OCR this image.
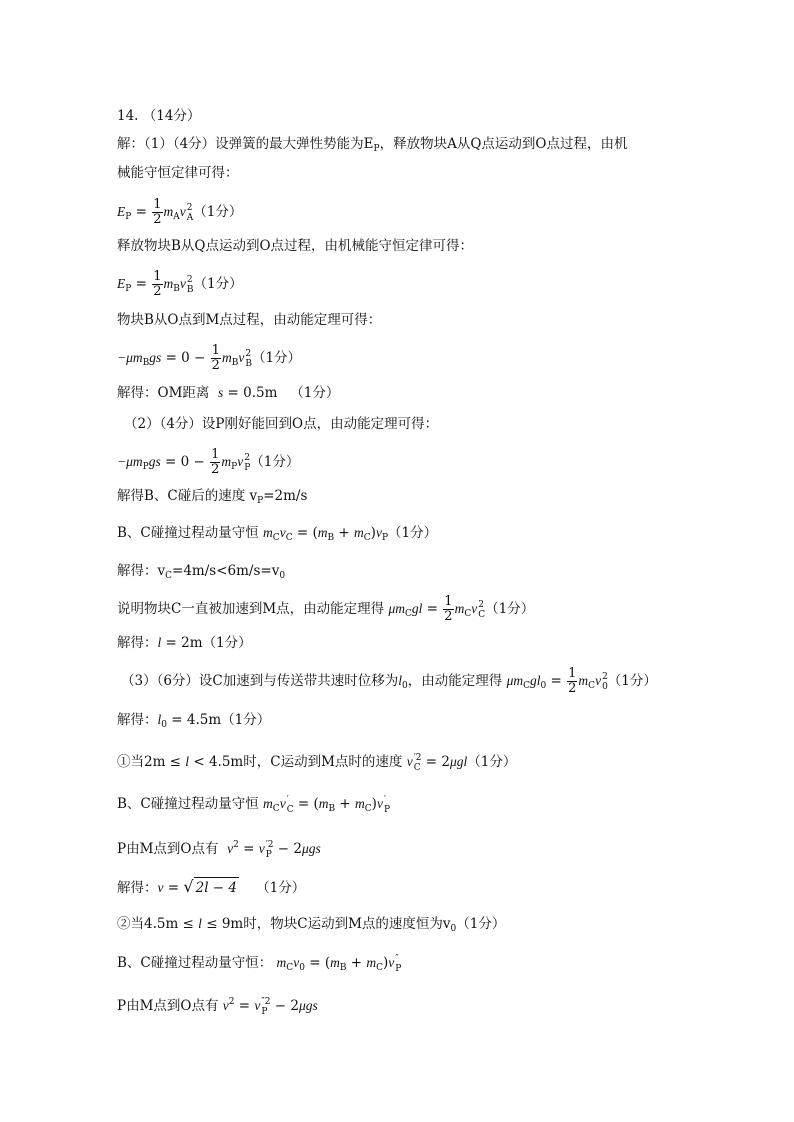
14. （14分）
解：（1）（4分）设弹簧的最大弹性势能为$E_P$，释放物块A从Q点运动到O点过程，由机
械能守恒定律可得：
$E_P = \frac{1}{2} m_Av$ 2
A （1分）
释放物块B从Q点运动到O点过程，由机械能守恒定律可得：
$E_P = \frac{1}{2} m_Bv$ 2
B （1分）
物块B从O点到M点过程，由动能定理可得：
$-\mu m_Bgs = 0 - \frac{1}{2} m_Bv$ 2
B （1分）
解得：OM距离 s = 0.5m   （1分）
（2）（4分）设P刚好能回到O点，由动能定理可得：
$-\mu m_Pgs = 0 - \frac{1}{2} m_Pv$ 2
P （1分）
解得B、C碰后的速度 $v_P=2m/s$
B、C碰撞过程动量守恒 $m_Cv_C = (m_B + m_C)v_P(1$分）
解得：$v_C=4m/s<6m/s=v_0$
说明物块C一直被加速到M点，由动能定理得 $\mu m_Cgl = \frac{1}{2} m_Cv$ 2
C （1分）
解得：l = 2m（1分）
（3）（6分）设C加速到与传送带共速时位移为$l_0$，由动能定理得 $\mu m_Cgl_0 = \frac{1}{2} m_Cv$ 2
0 （1分）
解得：$l_0 = 4.5m(1$分）
①当2m ≤ l < 4.5m时，C运动到M点时的速度 v ′2
C = 2μgl（1分）
B、C碰撞过程动量守恒 $m_Cv$ ′
$C = (m_B + m_C)v$ ′
P
P由M点到O点有 $v^2 = v$ ′2
P − 2μgs
解得：v = √ 2l − 4 （1分）
②当4.5m ≤ l ≤ 9m时，物块C运动到M点的速度恒为$v_0(1$分）
B、C碰撞过程动量守恒： $m_Cv_0 = (m_B + m_C)v$ ″
P
P由M点到O点有 $v^2 = v$ ″2
P − 2μgs
